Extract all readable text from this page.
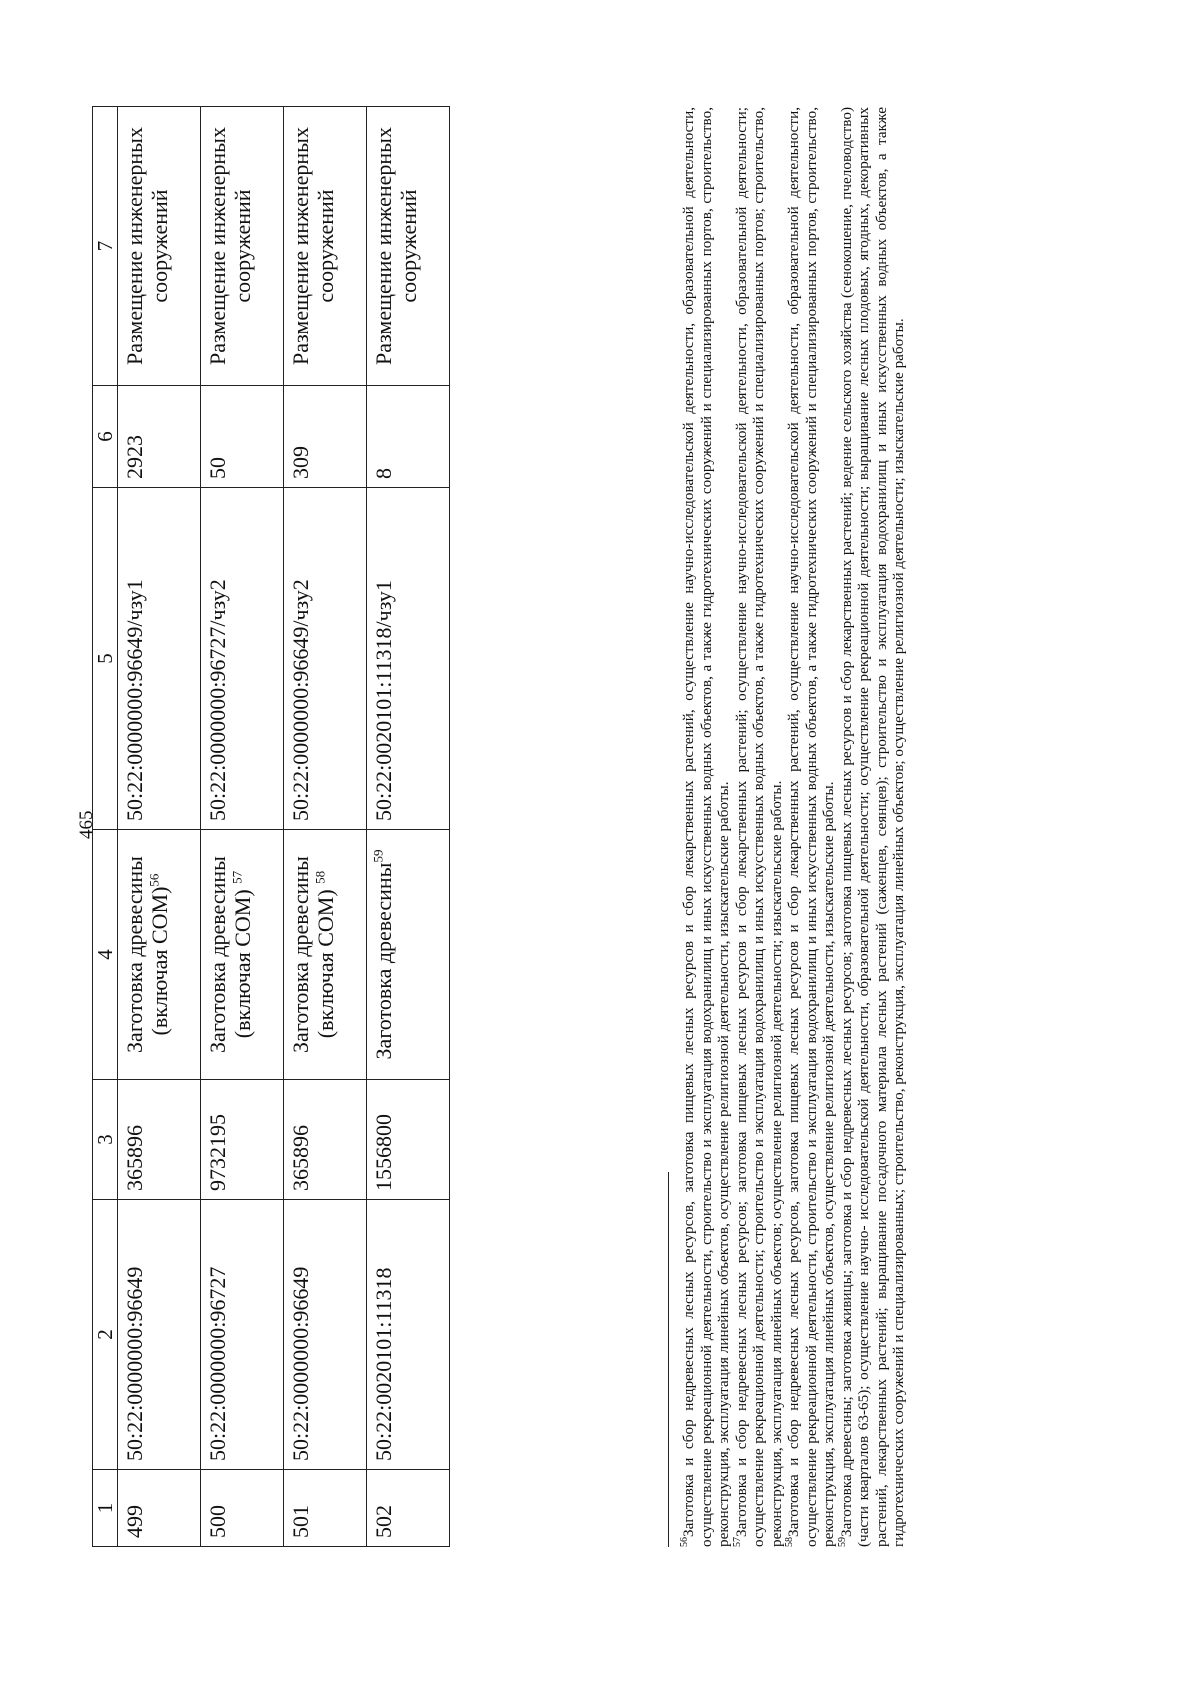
465
1	2	3	4	5	6	7
499	50:22:0000000:96649	365896	Заготовка древесины (включая СОМ)$^{56}$	50:22:0000000:96649/чзу1	2923	Размещение инженерных сооружений
500	50:22:0000000:96727	9732195	Заготовка древесины (включая СОМ) $^{57}$	50:22:0000000:96727/чзу2	50	Размещение инженерных сооружений
501	50:22:0000000:96649	365896	Заготовка древесины (включая СОМ) $^{58}$	50:22:0000000:96649/чзу2	309	Размещение инженерных сооружений
502	50:22:0020101:11318	1556800	Заготовка древесины$^{59}$	50:22:0020101:11318/чзу1	8	Размещение инженерных сооружений

$^{56}$Заготовка и сбор недревесных лесных ресурсов, заготовка пищевых лесных ресурсов и сбор лекарственных растений, осуществление научно-исследовательской деятельности, образовательной деятельности, осуществление рекреационной деятельности, строительство и эксплуатация водохранилищ и иных искусственных водных объектов, а также гидротехнических сооружений и специализированных портов, строительство, реконструкция, эксплуатация линейных объектов, осуществление религиозной деятельности, изыскательские работы. $^{57}$Заготовка и сбор недревесных лесных ресурсов; заготовка пищевых лесных ресурсов и сбор лекарственных растений; осуществление научно-исследовательской деятельности, образовательной деятельности; осуществление рекреационной деятельности; строительство и эксплуатация водохранилищ и иных искусственных водных объектов, а также гидротехнических сооружений и специализированных портов; строительство, реконструкция, эксплуатация линейных объектов; осуществление религиозной деятельности; изыскательские работы. $^{58}$Заготовка и сбор недревесных лесных ресурсов, заготовка пищевых лесных ресурсов и сбор лекарственных растений, осуществление научно-исследовательской деятельности, образовательной деятельности, осуществление рекреационной деятельности, строительство и эксплуатация водохранилищ и иных искусственных водных объектов, а также гидротехнических сооружений и специализированных портов, строительство, реконструкция, эксплуатация линейных объектов, осуществление религиозной деятельности, изыскательские работы. $^{59}$Заготовка древесины; заготовка живицы; заготовка и сбор недревесных лесных ресурсов; заготовка пищевых лесных ресурсов и сбор лекарственных растений; ведение сельского хозяйства (сенокошение, пчеловодство) (части кварталов 63-65); осуществление научно- исследовательской деятельности, образовательной деятельности; осуществление рекреационной деятельности; выращивание лесных плодовых, ягодных, декоративных растений, лекарственных растений; выращивание посадочного материала лесных растений (саженцев, сеянцев); строительство и эксплуатация водохранилищ и иных искусственных водных объектов, а также гидротехнических сооружений и специализированных; строительство, реконструкция, эксплуатация линейных объектов; осуществление религиозной деятельности; изыскательские работы.
